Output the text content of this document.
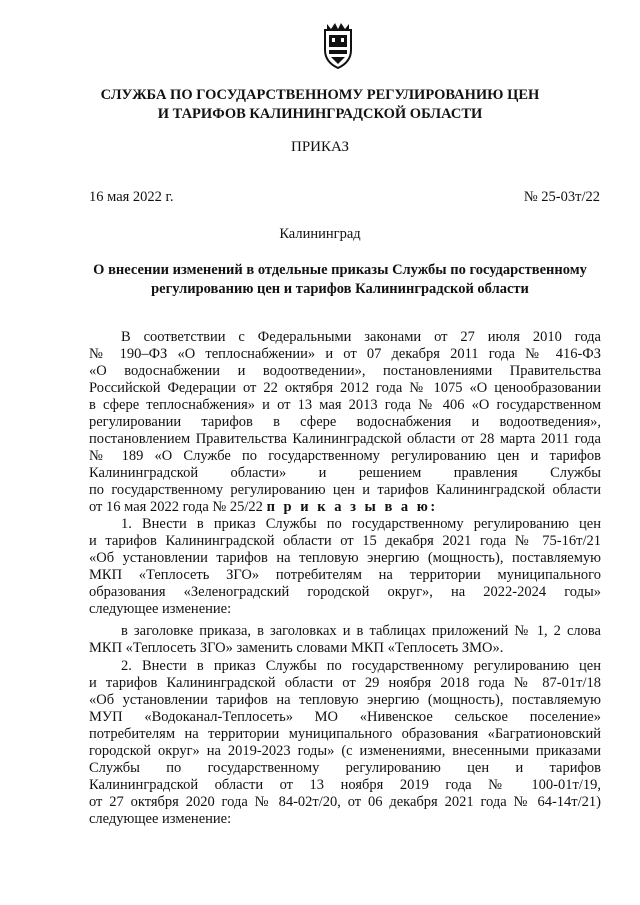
СЛУЖБА ПО ГОСУДАРСТВЕННОМУ РЕГУЛИРОВАНИЮ ЦЕН
И ТАРИФОВ КАЛИНИНГРАДСКОЙ ОБЛАСТИ
ПРИКАЗ
16 мая 2022 г.	№ 25-03т/22
Калининград
О внесении изменений в отдельные приказы Службы по государственному
регулированию цен и тарифов Калининградской области
В соответствии с Федеральными законами от 27 июля 2010 года
№ 190–ФЗ «О теплоснабжении» и от 07 декабря 2011 года № 416-ФЗ
«О водоснабжении и водоотведении», постановлениями Правительства
Российской Федерации от 22 октября 2012 года № 1075 «О ценообразовании
в сфере теплоснабжения» и от 13 мая 2013 года № 406 «О государственном
регулировании тарифов в сфере водоснабжения и водоотведения»,
постановлением Правительства Калининградской области от 28 марта 2011 года
№ 189 «О Службе по государственному регулированию цен и тарифов
Калининградской области» и решением правления Службы
по государственному регулированию цен и тарифов Калининградской области
от 16 мая 2022 года № 25/22 п р и к а з ы в а ю:
1. Внести в приказ Службы по государственному регулированию цен
и тарифов Калининградской области от 15 декабря 2021 года № 75-16т/21
«Об установлении тарифов на тепловую энергию (мощность), поставляемую
МКП «Теплосеть ЗГО» потребителям на территории муниципального
образования «Зеленоградский городской округ», на 2022-2024 годы»
следующее изменение:
в заголовке приказа, в заголовках и в таблицах приложений № 1, 2 слова
МКП «Теплосеть ЗГО» заменить словами МКП «Теплосеть ЗМО».
2. Внести в приказ Службы по государственному регулированию цен
и тарифов Калининградской области от 29 ноября 2018 года № 87-01т/18
«Об установлении тарифов на тепловую энергию (мощность), поставляемую
МУП «Водоканал-Теплосеть» МО «Нивенское сельское поселение»
потребителям на территории муниципального образования «Багратионовский
городской округ» на 2019-2023 годы» (с изменениями, внесенными приказами
Службы по государственному регулированию цен и тарифов
Калининградской области от 13 ноября 2019 года № 100-01т/19,
от 27 октября 2020 года № 84-02т/20, от 06 декабря 2021 года № 64-14т/21)
следующее изменение:
